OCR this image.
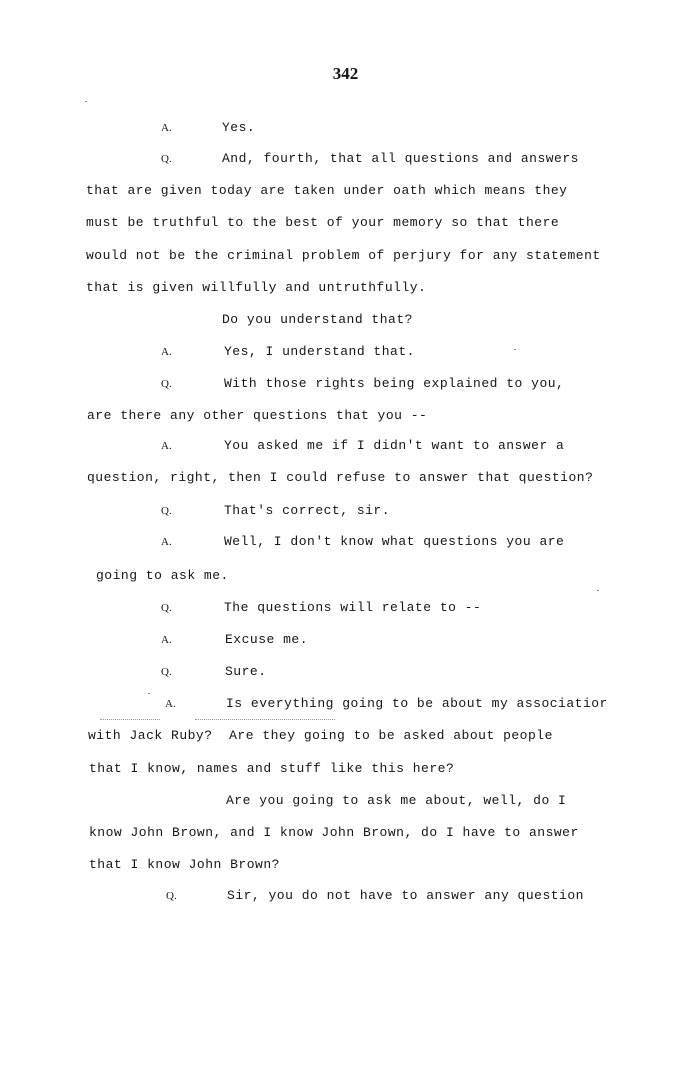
342
A.	Yes.
Q.	And, fourth, that all questions and answers
that are given today are taken under oath which means they
must be truthful to the best of your memory so that there
would not be the criminal problem of perjury for any statement
that is given willfully and untruthfully.
Do you understand that?
A.	Yes, I understand that.
Q.	With those rights being explained to you,
are there any other questions that you --
A.	You asked me if I didn't want to answer a
question, right, then I could refuse to answer that question?
Q.	That's correct, sir.
A.	Well, I don't know what questions you are
going to ask me.
Q.	The questions will relate to --
A.	Excuse me.
Q.	Sure.
A.	Is everything going to be about my associatior
with Jack Ruby?  Are they going to be asked about people
that I know, names and stuff like this here?
Are you going to ask me about, well, do I
know John Brown, and I know John Brown, do I have to answer
that I know John Brown?
Q.	Sir, you do not have to answer any question
